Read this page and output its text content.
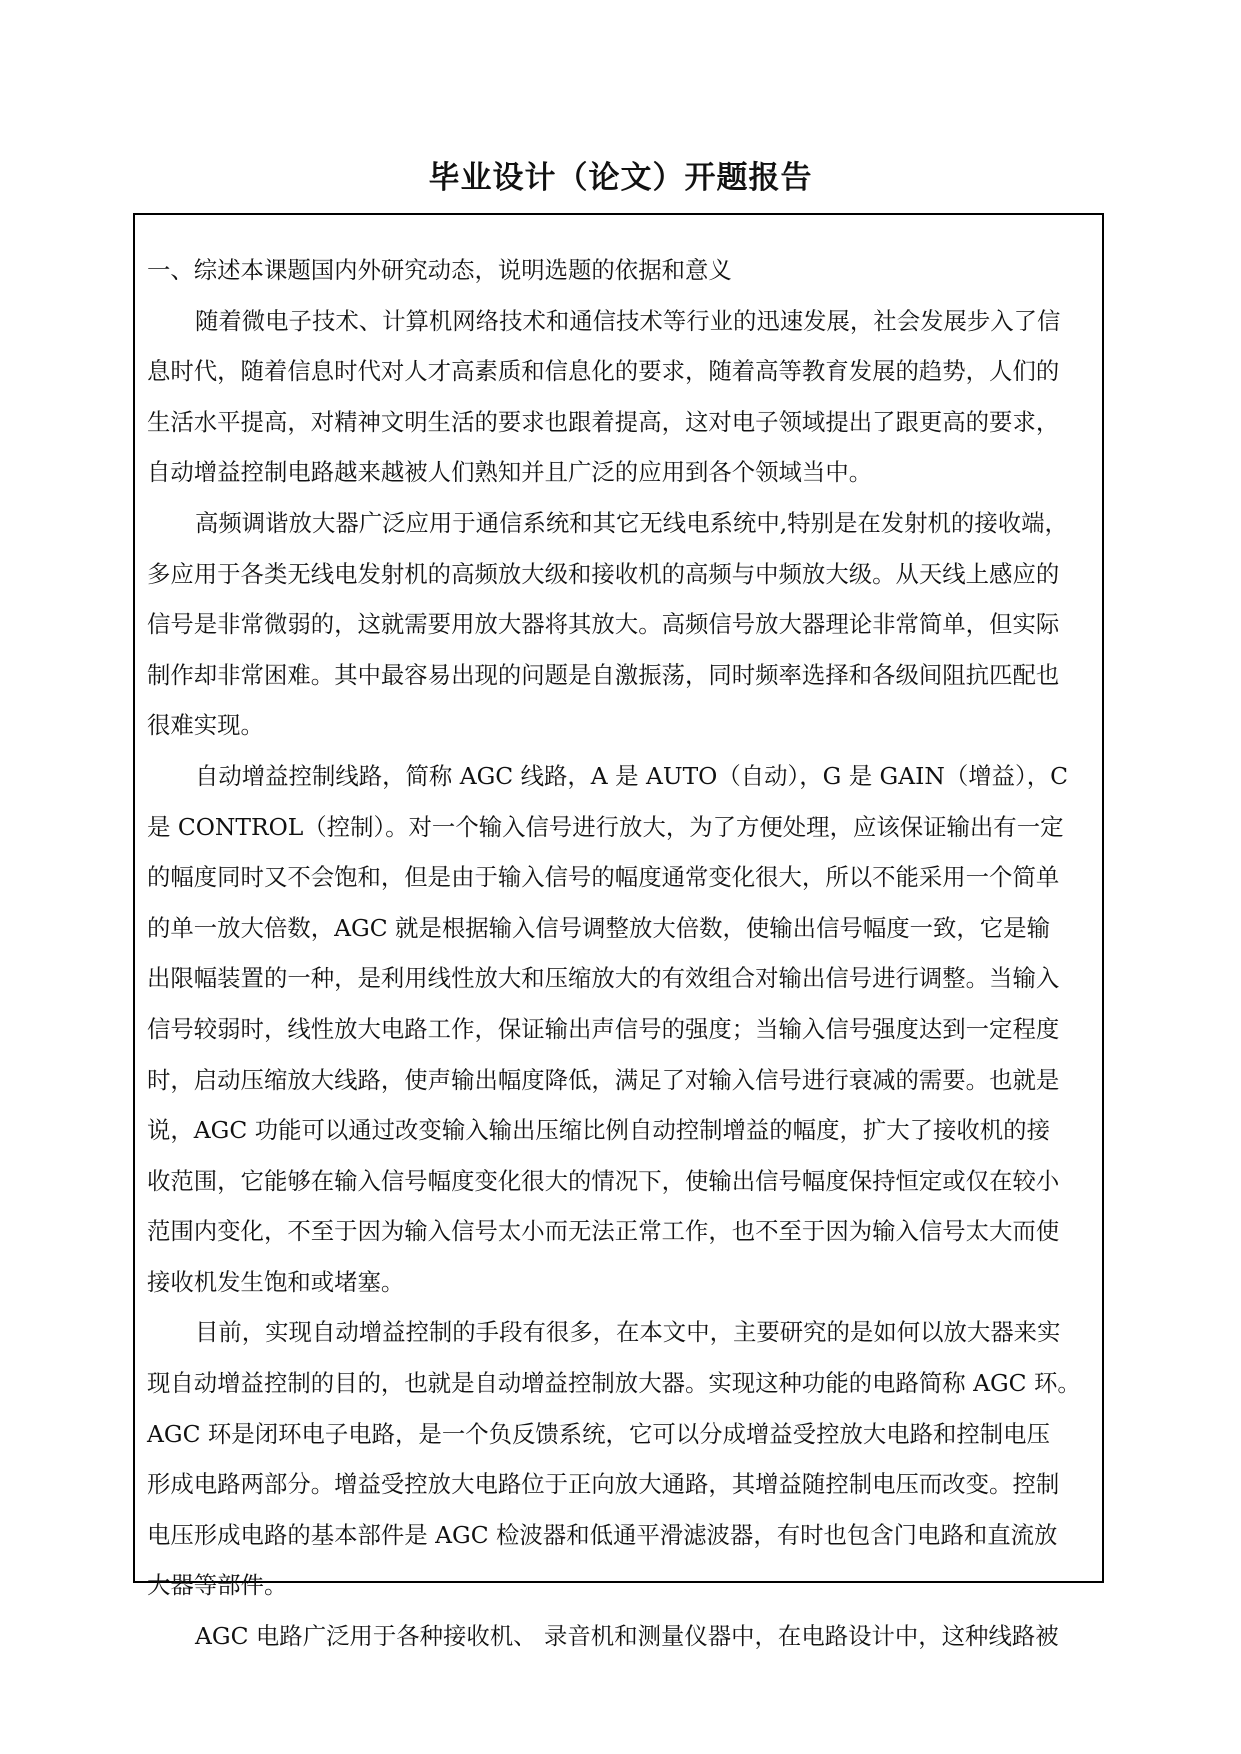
毕业设计（论文）开题报告
一、综述本课题国内外研究动态，说明选题的依据和意义
随着微电子技术、计算机网络技术和通信技术等行业的迅速发展，社会发展步入了信
息时代，随着信息时代对人才高素质和信息化的要求，随着高等教育发展的趋势，人们的
生活水平提高，对精神文明生活的要求也跟着提高，这对电子领域提出了跟更高的要求，
自动增益控制电路越来越被人们熟知并且广泛的应用到各个领域当中。
高频调谐放大器广泛应用于通信系统和其它无线电系统中,特别是在发射机的接收端，
多应用于各类无线电发射机的高频放大级和接收机的高频与中频放大级。从天线上感应的
信号是非常微弱的，这就需要用放大器将其放大。高频信号放大器理论非常简单，但实际
制作却非常困难。其中最容易出现的问题是自激振荡，同时频率选择和各级间阻抗匹配也
很难实现。
自动增益控制线路，简称 AGC 线路，A 是 AUTO（自动），G 是 GAIN（增益），C
是 CONTROL（控制）。对一个输入信号进行放大，为了方便处理，应该保证输出有一定
的幅度同时又不会饱和，但是由于输入信号的幅度通常变化很大，所以不能采用一个简单
的单一放大倍数，AGC 就是根据输入信号调整放大倍数，使输出信号幅度一致，它是输
出限幅装置的一种，是利用线性放大和压缩放大的有效组合对输出信号进行调整。当输入
信号较弱时，线性放大电路工作，保证输出声信号的强度；当输入信号强度达到一定程度
时，启动压缩放大线路，使声输出幅度降低，满足了对输入信号进行衰减的需要。也就是
说，AGC 功能可以通过改变输入输出压缩比例自动控制增益的幅度，扩大了接收机的接
收范围，它能够在输入信号幅度变化很大的情况下，使输出信号幅度保持恒定或仅在较小
范围内变化，不至于因为输入信号太小而无法正常工作，也不至于因为输入信号太大而使
接收机发生饱和或堵塞。
目前，实现自动增益控制的手段有很多，在本文中，主要研究的是如何以放大器来实
现自动增益控制的目的，也就是自动增益控制放大器。实现这种功能的电路简称 AGC 环。
AGC 环是闭环电子电路，是一个负反馈系统，它可以分成增益受控放大电路和控制电压
形成电路两部分。增益受控放大电路位于正向放大通路，其增益随控制电压而改变。控制
电压形成电路的基本部件是 AGC 检波器和低通平滑滤波器，有时也包含门电路和直流放
大器等部件。
AGC 电路广泛用于各种接收机、 录音机和测量仪器中，在电路设计中，这种线路被
